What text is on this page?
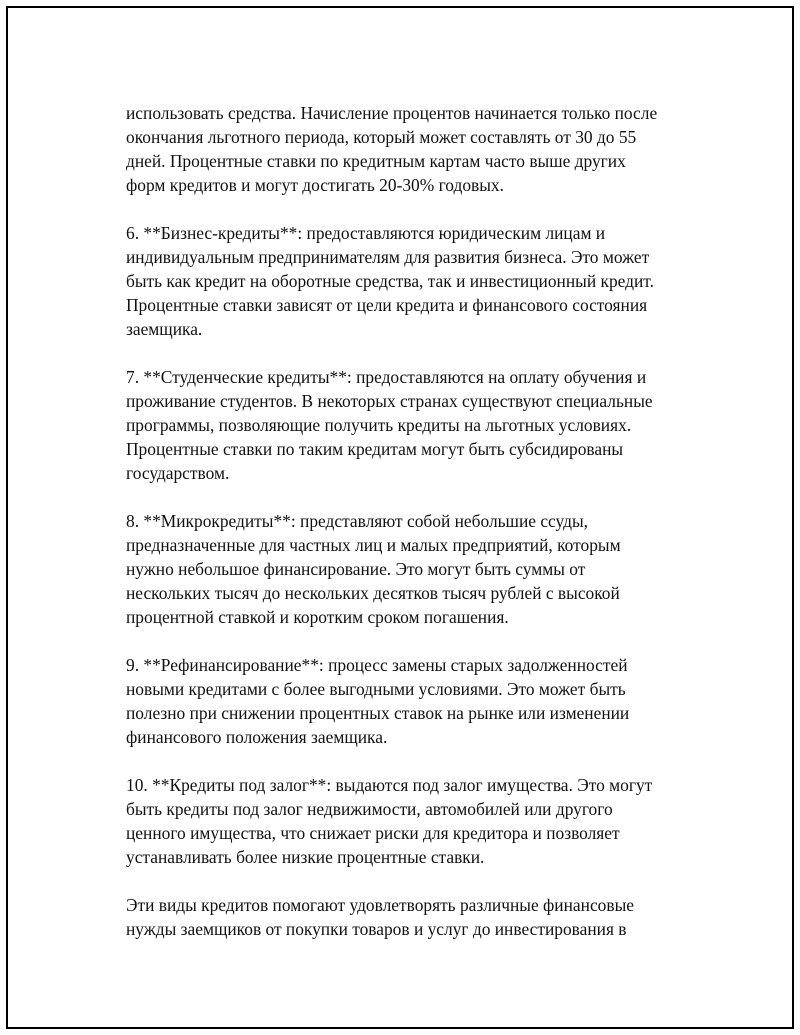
использовать средства. Начисление процентов начинается только после
окончания льготного периода, который может составлять от 30 до 55
дней. Процентные ставки по кредитным картам часто выше других
форм кредитов и могут достигать 20-30% годовых.

6. **Бизнес-кредиты**: предоставляются юридическим лицам и
индивидуальным предпринимателям для развития бизнеса. Это может
быть как кредит на оборотные средства, так и инвестиционный кредит.
Процентные ставки зависят от цели кредита и финансового состояния
заемщика.

7. **Студенческие кредиты**: предоставляются на оплату обучения и
проживание студентов. В некоторых странах существуют специальные
программы, позволяющие получить кредиты на льготных условиях.
Процентные ставки по таким кредитам могут быть субсидированы
государством.

8. **Микрокредиты**: представляют собой небольшие ссуды,
предназначенные для частных лиц и малых предприятий, которым
нужно небольшое финансирование. Это могут быть суммы от
нескольких тысяч до нескольких десятков тысяч рублей с высокой
процентной ставкой и коротким сроком погашения.

9. **Рефинансирование**: процесс замены старых задолженностей
новыми кредитами с более выгодными условиями. Это может быть
полезно при снижении процентных ставок на рынке или изменении
финансового положения заемщика.

10. **Кредиты под залог**: выдаются под залог имущества. Это могут
быть кредиты под залог недвижимости, автомобилей или другого
ценного имущества, что снижает риски для кредитора и позволяет
устанавливать более низкие процентные ставки.

Эти виды кредитов помогают удовлетворять различные финансовые
нужды заемщиков от покупки товаров и услуг до инвестирования в
